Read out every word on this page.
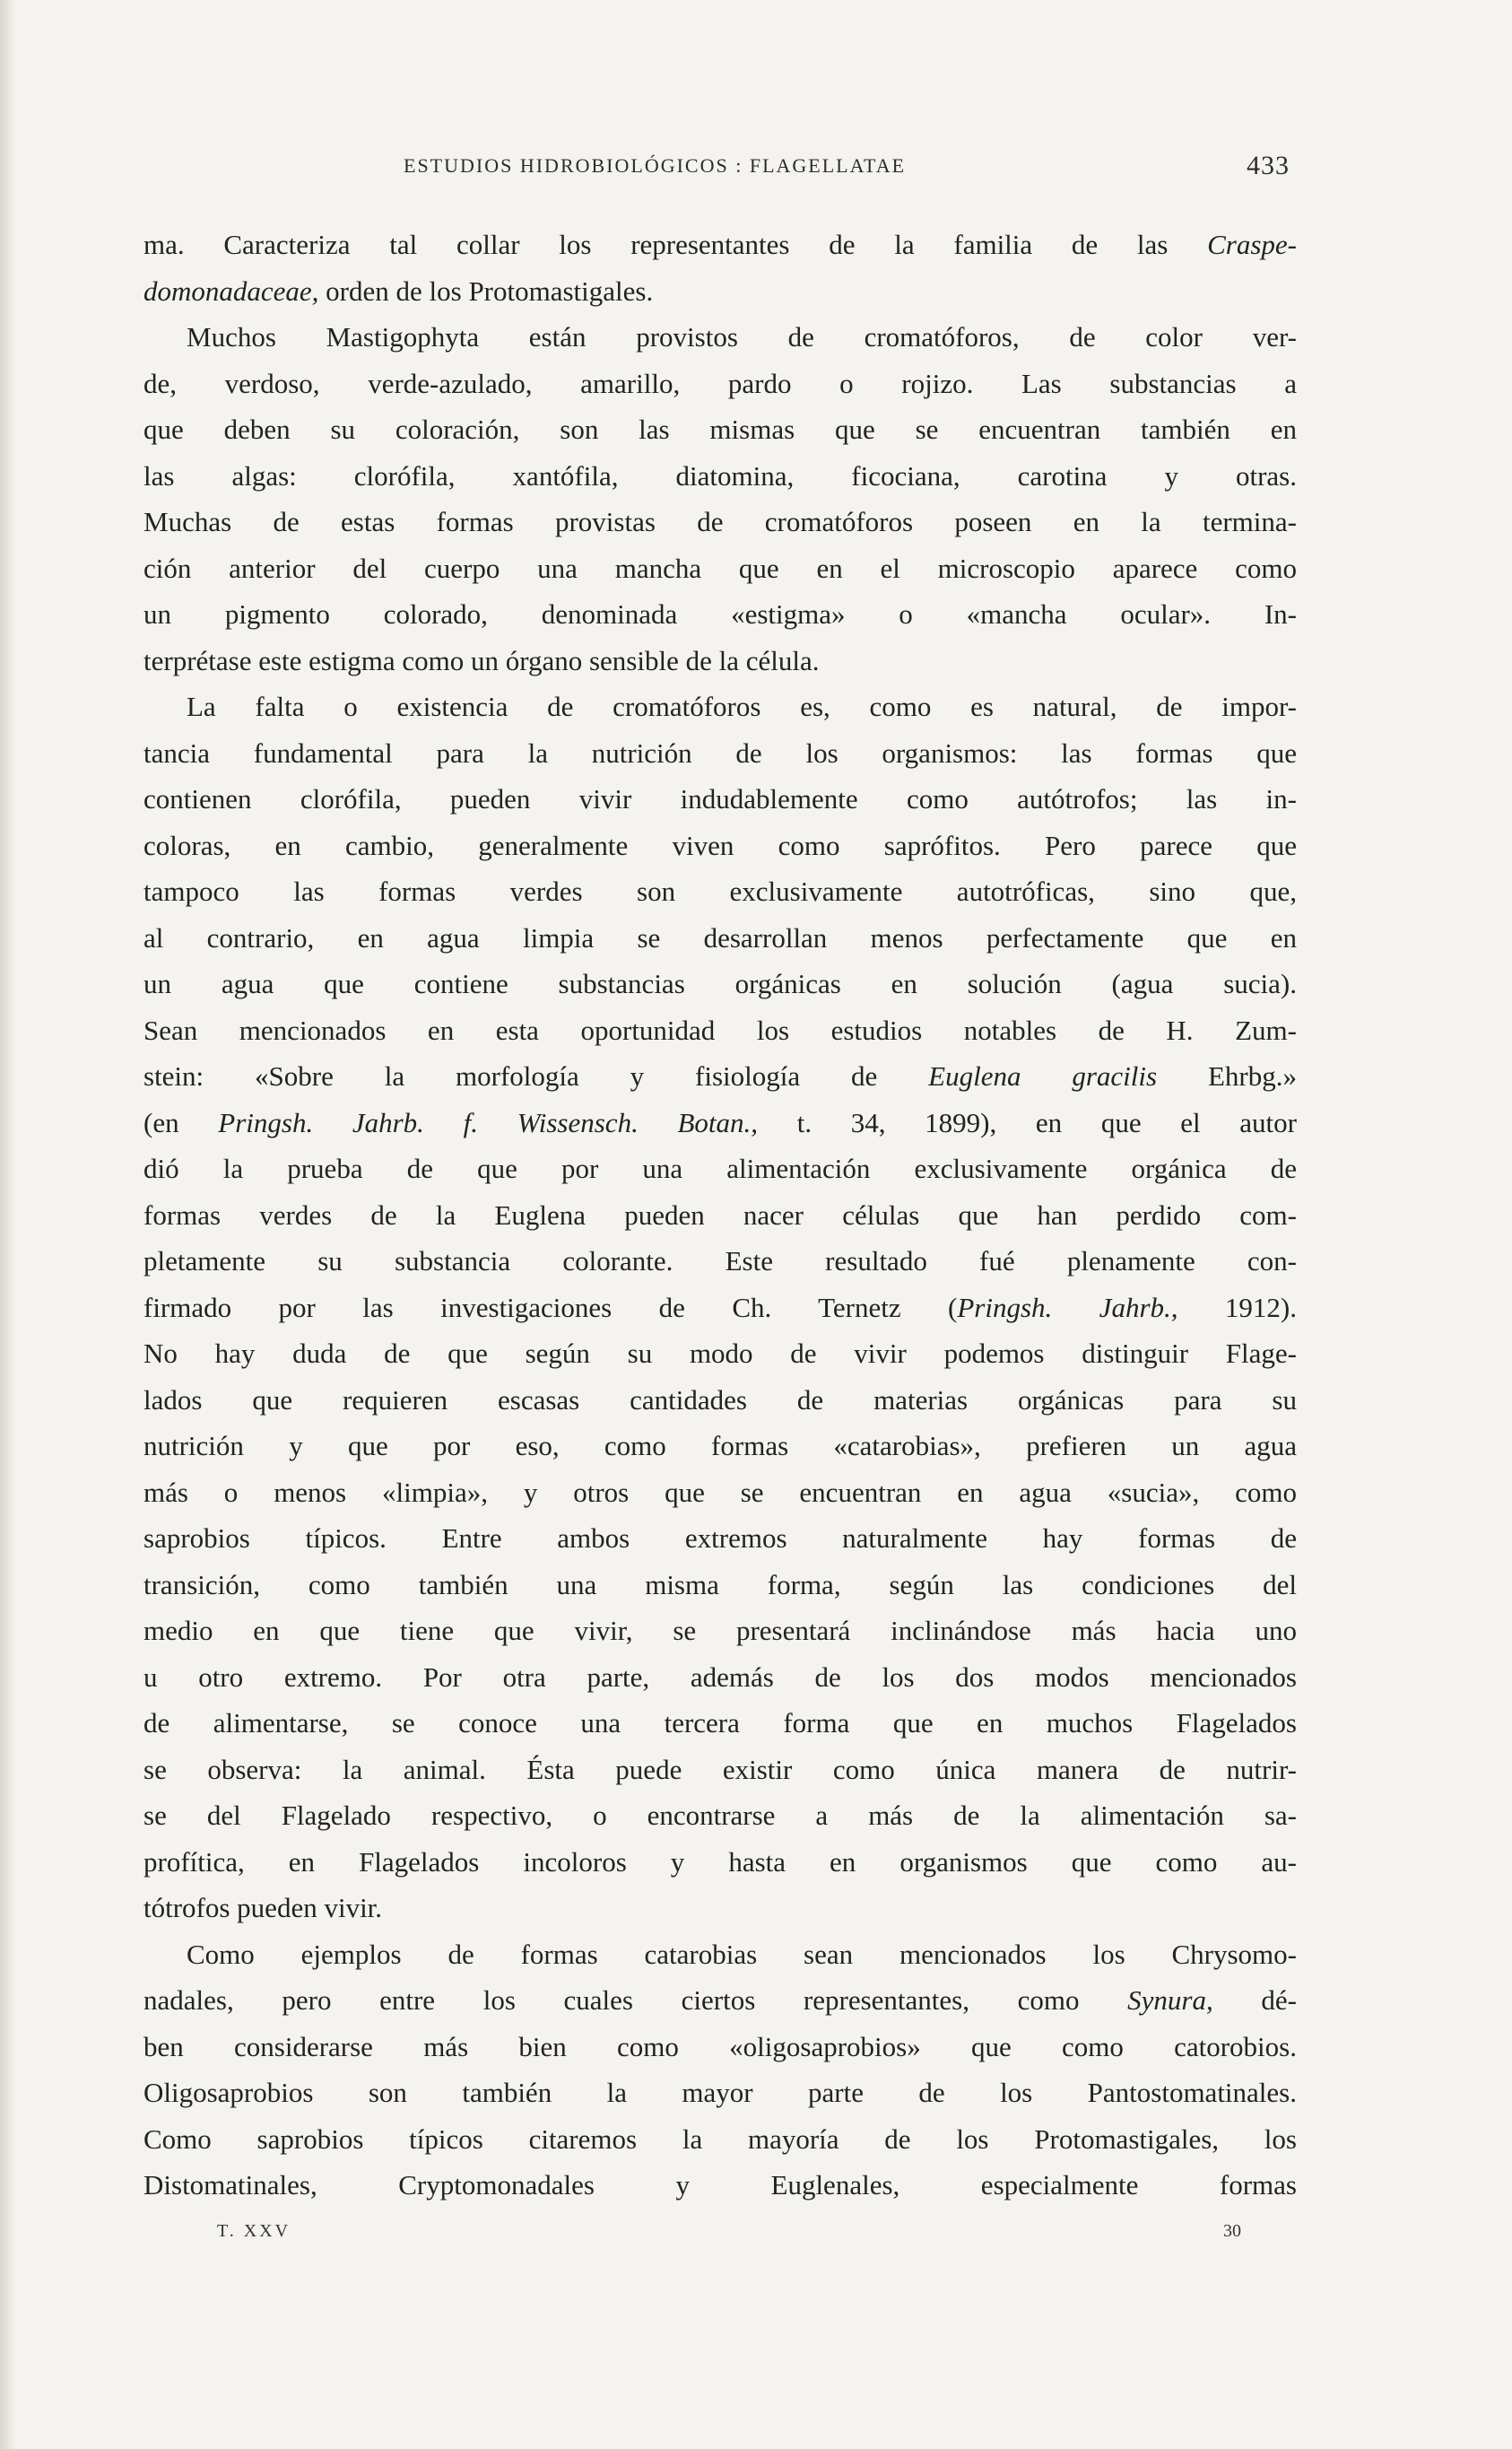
ESTUDIOS HIDROBIOLÓGICOS : FLAGELLATAE	433

ma. Caracteriza tal collar los representantes de la familia de las Craspe-

domonadaceae, orden de los Protomastigales.

Muchos Mastigophyta están provistos de cromatóforos, de color ver-

de, verdoso, verde-azulado, amarillo, pardo o rojizo. Las substancias a

que deben su coloración, son las mismas que se encuentran también en

las algas: clorófila, xantófila, diatomina, ficociana, carotina y otras.

Muchas de estas formas provistas de cromatóforos poseen en la termina-

ción anterior del cuerpo una mancha que en el microscopio aparece como

un pigmento colorado, denominada «estigma» o «mancha ocular». In-

terprétase este estigma como un órgano sensible de la célula.

La falta o existencia de cromatóforos es, como es natural, de impor-

tancia fundamental para la nutrición de los organismos: las formas que

contienen clorófila, pueden vivir indudablemente como autótrofos; las in-

coloras, en cambio, generalmente viven como saprófitos. Pero parece que

tampoco las formas verdes son exclusivamente autotróficas, sino que,

al contrario, en agua limpia se desarrollan menos perfectamente que en

un agua que contiene substancias orgánicas en solución (agua sucia).

Sean mencionados en esta oportunidad los estudios notables de H. Zum-

stein: «Sobre la morfología y fisiología de Euglena gracilis Ehrbg.»

(en Pringsh. Jahrb. f. Wissensch. Botan., t. 34, 1899), en que el autor

dió la prueba de que por una alimentación exclusivamente orgánica de

formas verdes de la Euglena pueden nacer células que han perdido com-

pletamente su substancia colorante. Este resultado fué plenamente con-

firmado por las investigaciones de Ch. Ternetz (Pringsh. Jahrb., 1912).

No hay duda de que según su modo de vivir podemos distinguir Flage-

lados que requieren escasas cantidades de materias orgánicas para su

nutrición y que por eso, como formas «catarobias», prefieren un agua

más o menos «limpia», y otros que se encuentran en agua «sucia», como

saprobios típicos. Entre ambos extremos naturalmente hay formas de

transición, como también una misma forma, según las condiciones del

medio en que tiene que vivir, se presentará inclinándose más hacia uno

u otro extremo. Por otra parte, además de los dos modos mencionados

de alimentarse, se conoce una tercera forma que en muchos Flagelados

se observa: la animal. Ésta puede existir como única manera de nutrir-

se del Flagelado respectivo, o encontrarse a más de la alimentación sa-

profítica, en Flagelados incoloros y hasta en organismos que como au-

tótrofos pueden vivir.

Como ejemplos de formas catarobias sean mencionados los Chrysomo-

nadales, pero entre los cuales ciertos representantes, como Synura, dé-

ben considerarse más bien como «oligosaprobios» que como catorobios.

Oligosaprobios son también la mayor parte de los Pantostomatinales.

Como saprobios típicos citaremos la mayoría de los Protomastigales, los

Distomatinales, Cryptomonadales y Euglenales, especialmente formas

T. XXV	30
